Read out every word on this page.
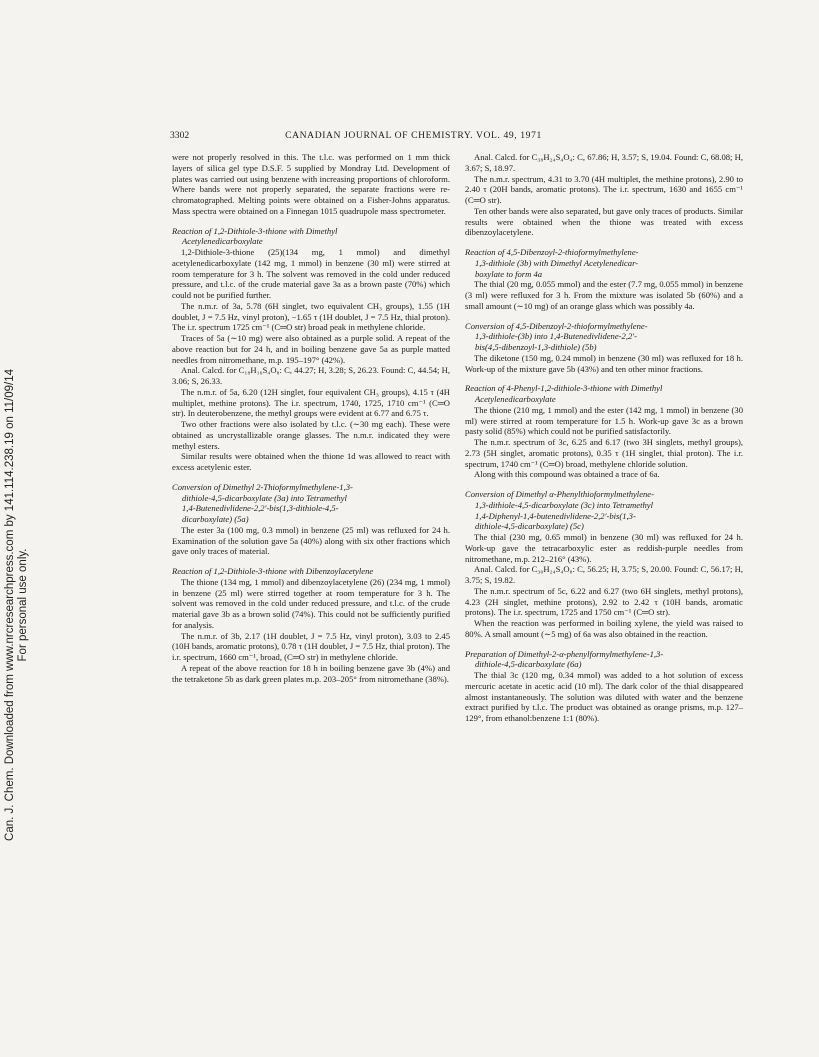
Can. J. Chem. Downloaded from www.nrcresearchpress.com by 141.114.238.19 on 11/09/14 For personal use only.
3302	CANADIAN JOURNAL OF CHEMISTRY. VOL. 49, 1971

were not properly resolved in this. The t.l.c. was performed on 1 mm thick layers of silica gel type D.S.F. 5 supplied by Mondray Ltd. Development of plates was carried out using benzene with increasing proportions of chloroform. Where bands were not properly separated, the separate fractions were re-chromatographed. Melting points were obtained on a Fisher-Johns apparatus. Mass spectra were obtained on a Finnegan 1015 quadrupole mass spectrometer.

Reaction of 1,2-Dithiole-3-thione with Dimethyl
Acetylenedicarboxylate

1,2-Dithiole-3-thione (25)(134 mg, 1 mmol) and dimethyl acetylenedicarboxylate (142 mg, 1 mmol) in benzene (30 ml) were stirred at room temperature for 3 h. The solvent was removed in the cold under reduced pressure, and t.l.c. of the crude material gave 3a as a brown paste (70%) which could not be purified further.

The n.m.r. of 3a, 5.78 (6H singlet, two equivalent CH₃ groups), 1.55 (1H doublet, J = 7.5 Hz, vinyl proton), −1.65 τ (1H doublet, J = 7.5 Hz, thial proton). The i.r. spectrum 1725 cm⁻¹ (C═O str) broad peak in methylene chloride.

Traces of 5a (∼10 mg) were also obtained as a purple solid. A repeat of the above reaction but for 24 h, and in boiling benzene gave 5a as purple matted needles from nitromethane, m.p. 195–197° (42%).

Anal. Calcd. for C₁₈H₁₆S₄O₈: C, 44.27; H, 3.28; S, 26.23. Found: C, 44.54; H, 3.06; S, 26.33.

The n.m.r. of 5a, 6.20 (12H singlet, four equivalent CH₃ groups), 4.15 τ (4H multiplet, methine protons). The i.r. spectrum, 1740, 1725, 1710 cm⁻¹ (C═O str). In deuterobenzene, the methyl groups were evident at 6.77 and 6.75 τ.

Two other fractions were also isolated by t.l.c. (∼30 mg each). These were obtained as uncrystallizable orange glasses. The n.m.r. indicated they were methyl esters.

Similar results were obtained when the thione 1d was allowed to react with excess acetylenic ester.

Conversion of Dimethyl 2-Thioformylmethylene-1,3-
dithiole-4,5-dicarboxylate (3a) into Tetramethyl
1,4-Butenedivlidene-2,2′-bis(1,3-dithiole-4,5-
dicarboxylate) (5a)

The ester 3a (100 mg, 0.3 mmol) in benzene (25 ml) was refluxed for 24 h. Examination of the solution gave 5a (40%) along with six other fractions which gave only traces of material.

Reaction of 1,2-Dithiole-3-thione with Dibenzoylacetylene

The thione (134 mg, 1 mmol) and dibenzoylacetylene (26) (234 mg, 1 mmol) in benzene (25 ml) were stirred together at room temperature for 3 h. The solvent was removed in the cold under reduced pressure, and t.l.c. of the crude material gave 3b as a brown solid (74%). This could not be sufficiently purified for analysis.

The n.m.r. of 3b, 2.17 (1H doublet, J = 7.5 Hz, vinyl proton), 3.03 to 2.45 (10H bands, aromatic protons), 0.78 τ (1H doublet, J = 7.5 Hz, thial proton). The i.r. spectrum, 1660 cm⁻¹, broad, (C═O str) in methylene chloride.

A repeat of the above reaction for 18 h in boiling benzene gave 3b (4%) and the tetraketone 5b as dark green plates m.p. 203–205° from nitromethane (38%).

Anal. Calcd. for C₃₈H₂₄S₄O₄: C, 67.86; H, 3.57; S, 19.04. Found: C, 68.08; H, 3.67; S, 18.97.

The n.m.r. spectrum, 4.31 to 3.70 (4H multiplet, the methine protons), 2.90 to 2.40 τ (20H bands, aromatic protons). The i.r. spectrum, 1630 and 1655 cm⁻¹ (C═O str).

Ten other bands were also separated, but gave only traces of products. Similar results were obtained when the thione was treated with excess dibenzoylacetylene.

Reaction of 4,5-Dibenzoyl-2-thioformylmethylene-
1,3-dithiole (3b) with Dimethyl Acetylenedicar-
boxylate to form 4a

The thial (20 mg, 0.055 mmol) and the ester (7.7 mg, 0.055 mmol) in benzene (3 ml) were refluxed for 3 h. From the mixture was isolated 5b (60%) and a small amount (∼10 mg) of an orange glass which was possibly 4a.

Conversion of 4,5-Dibenzoyl-2-thioformylmethylene-
1,3-dithiole-(3b) into 1,4-Butenedivlidene-2,2′-
bis(4,5-dibenzoyl-1,3-dithiole) (5b)

The diketone (150 mg, 0.24 mmol) in benzene (30 ml) was refluxed for 18 h. Work-up of the mixture gave 5b (43%) and ten other minor fractions.

Reaction of 4-Phenyl-1,2-dithiole-3-thione with Dimethyl
Acetylenedicarboxylate

The thione (210 mg, 1 mmol) and the ester (142 mg, 1 mmol) in benzene (30 ml) were stirred at room temperature for 1.5 h. Work-up gave 3c as a brown pasty solid (85%) which could not be purified satisfactorily.

The n.m.r. spectrum of 3c, 6.25 and 6.17 (two 3H singlets, methyl groups), 2.73 (5H singlet, aromatic protons), 0.35 τ (1H singlet, thial proton). The i.r. spectrum, 1740 cm⁻¹ (C═O) broad, methylene chloride solution.

Along with this compound was obtained a trace of 6a.

Conversion of Dimethyl α-Phenylthioformylmethylene-
1,3-dithiole-4,5-dicarboxylate (3c) into Tetramethyl
1,4-Diphenyl-1,4-butenedivlidene-2,2′-bis(1,3-
dithiole-4,5-dicarboxylate) (5c)

The thial (230 mg, 0.65 mmol) in benzene (30 ml) was refluxed for 24 h. Work-up gave the tetracarboxylic ester as reddish-purple needles from nitromethane, m.p. 212–216° (43%).

Anal. Calcd. for C₃₀H₂₄S₄O₈: C, 56.25; H, 3.75; S, 20.00. Found: C, 56.17; H, 3.75; S, 19.82.

The n.m.r. spectrum of 5c, 6.22 and 6.27 (two 6H singlets, methyl protons), 4.23 (2H singlet, methine protons), 2.92 to 2.42 τ (10H bands, aromatic protons). The i.r. spectrum, 1725 and 1750 cm⁻¹ (C═O str).

When the reaction was performed in boiling xylene, the yield was raised to 80%. A small amount (∼5 mg) of 6a was also obtained in the reaction.

Preparation of Dimethyl-2-α-phenylformylmethylene-1,3-
dithiole-4,5-dicarboxylate (6a)

The thial 3c (120 mg, 0.34 mmol) was added to a hot solution of excess mercuric acetate in acetic acid (10 ml). The dark color of the thial disappeared almost instantaneously. The solution was diluted with water and the benzene extract purified by t.l.c. The product was obtained as orange prisms, m.p. 127–129°, from ethanol:benzene 1:1 (80%).
